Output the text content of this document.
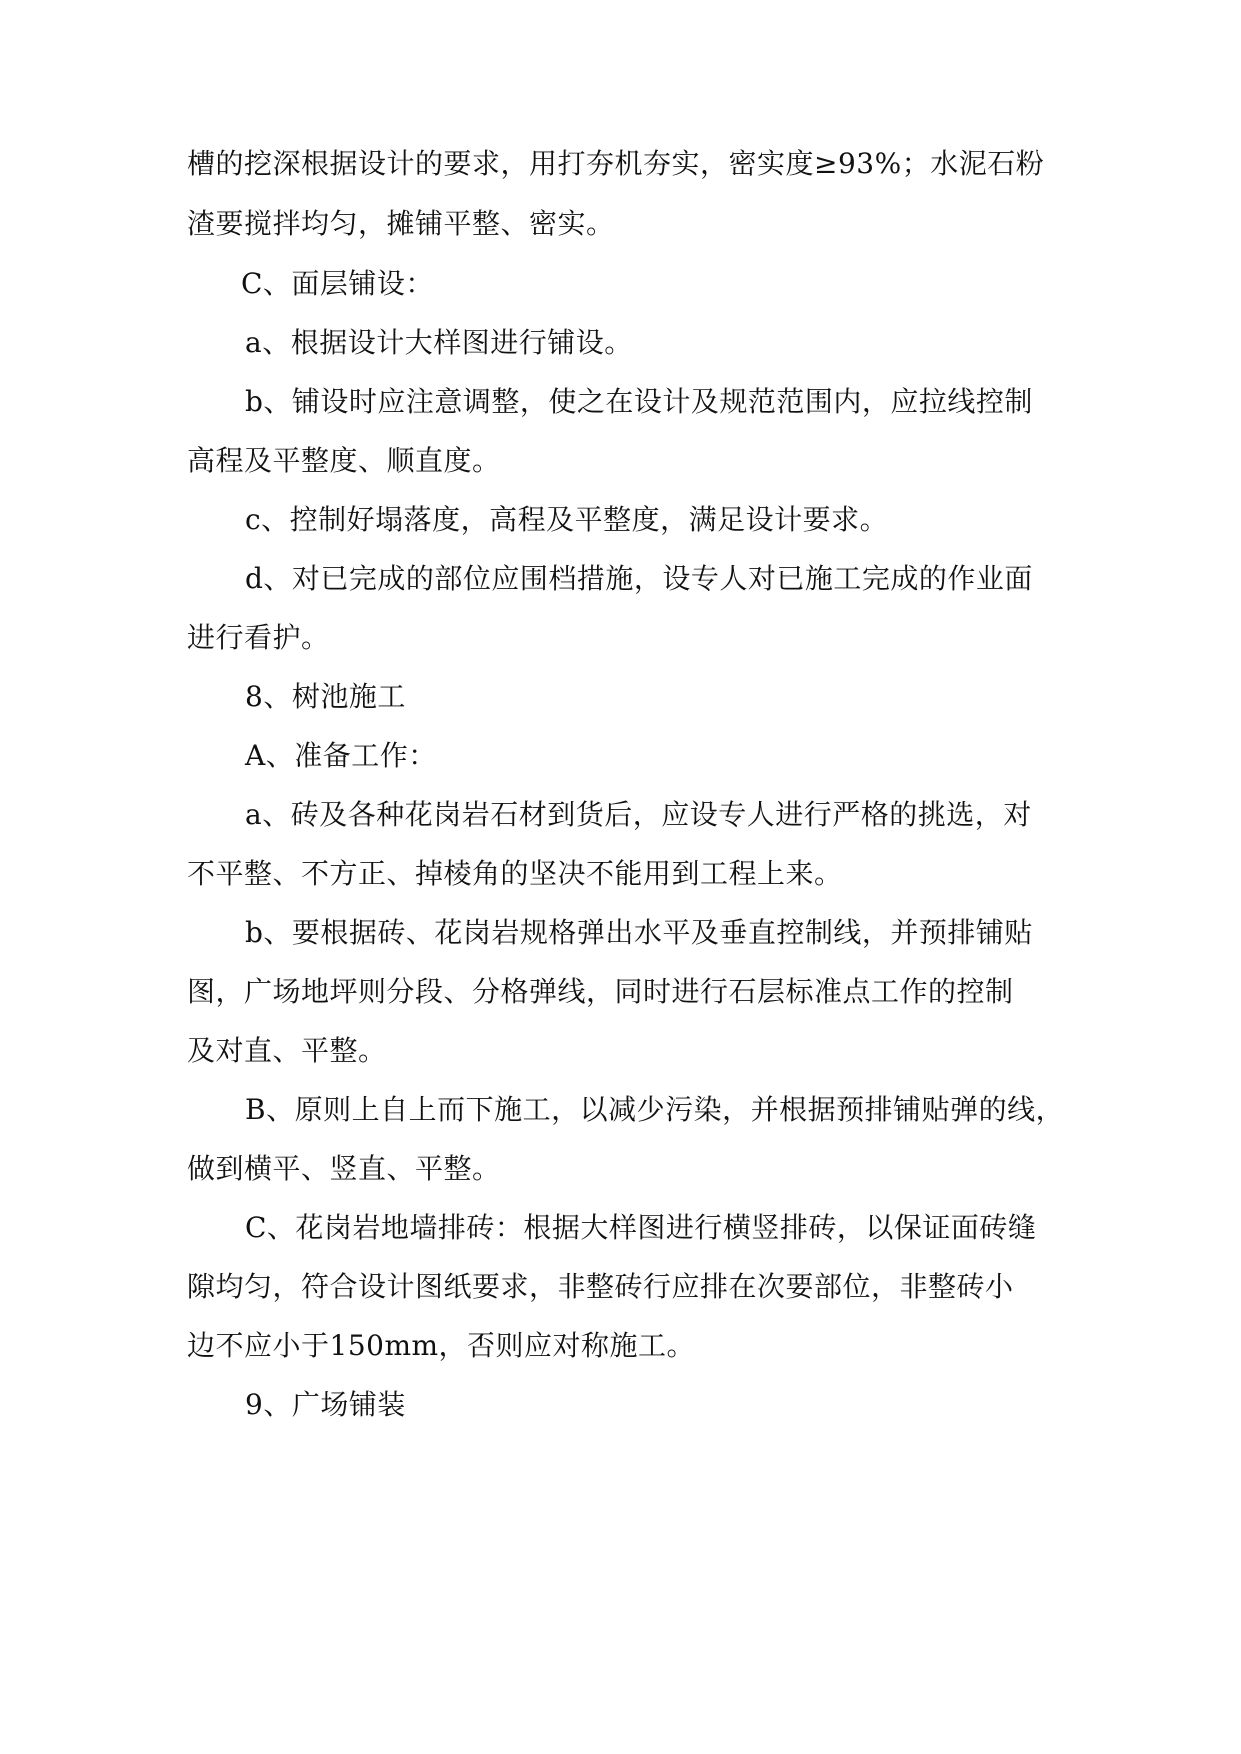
槽的挖深根据设计的要求，用打夯机夯实，密实度≥93%；水泥石粉
渣要搅拌均匀，摊铺平整、密实。
C、面层铺设：
a、根据设计大样图进行铺设。
b、铺设时应注意调整，使之在设计及规范范围内，应拉线控制
高程及平整度、顺直度。
c、控制好塌落度，高程及平整度，满足设计要求。
d、对已完成的部位应围档措施，设专人对已施工完成的作业面
进行看护。
8、树池施工
A、准备工作：
a、砖及各种花岗岩石材到货后，应设专人进行严格的挑选，对
不平整、不方正、掉棱角的坚决不能用到工程上来。
b、要根据砖、花岗岩规格弹出水平及垂直控制线，并预排铺贴
图，广场地坪则分段、分格弹线，同时进行石层标准点工作的控制
及对直、平整。
B、原则上自上而下施工，以减少污染，并根据预排铺贴弹的线，
做到横平、竖直、平整。
C、花岗岩地墙排砖：根据大样图进行横竖排砖，以保证面砖缝
隙均匀，符合设计图纸要求，非整砖行应排在次要部位，非整砖小
边不应小于150mm，否则应对称施工。
9、广场铺装
